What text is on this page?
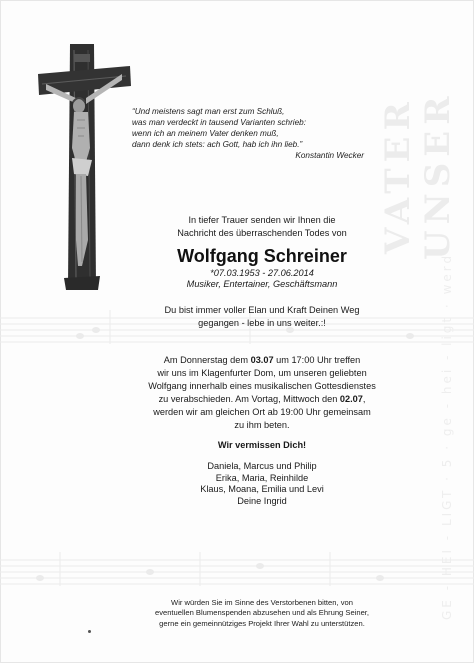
VATER UNSER
GE - HEI - LIGT · 5 · ge - hei - ligt · werd
“Und meistens sagt man erst zum Schluß,
was man verdeckt in tausend Varianten schrieb:
wenn ich an meinem Vater denken muß,
dann denk ich stets: ach Gott, hab ich ihn lieb.”
Konstantin Wecker
In tiefer Trauer senden wir Ihnen die
Nachricht des überraschenden Todes von
Wolfgang Schreiner
*07.03.1953 - 27.06.2014
Musiker, Entertainer, Geschäftsmann
Du bist immer voller Elan und Kraft Deinen Weg
gegangen - lebe in uns weiter.:!
Am Donnerstag dem 03.07 um 17:00 Uhr treffen
wir uns im Klagenfurter Dom, um unseren geliebten
Wolfgang innerhalb eines musikalischen Gottesdienstes
zu verabschieden. Am Vortag, Mittwoch den 02.07,
werden wir am gleichen Ort ab 19:00 Uhr gemeinsam
zu ihm beten.
Wir vermissen Dich!
Daniela, Marcus und Philip
Erika, Maria, Reinhilde
Klaus, Moana, Emilia und Levi
Deine Ingrid
Wir würden Sie im Sinne des Verstorbenen bitten, von
eventuellen Blumenspenden abzusehen und als Ehrung Seiner,
gerne ein gemeinnütziges Projekt Ihrer Wahl zu unterstützen.
